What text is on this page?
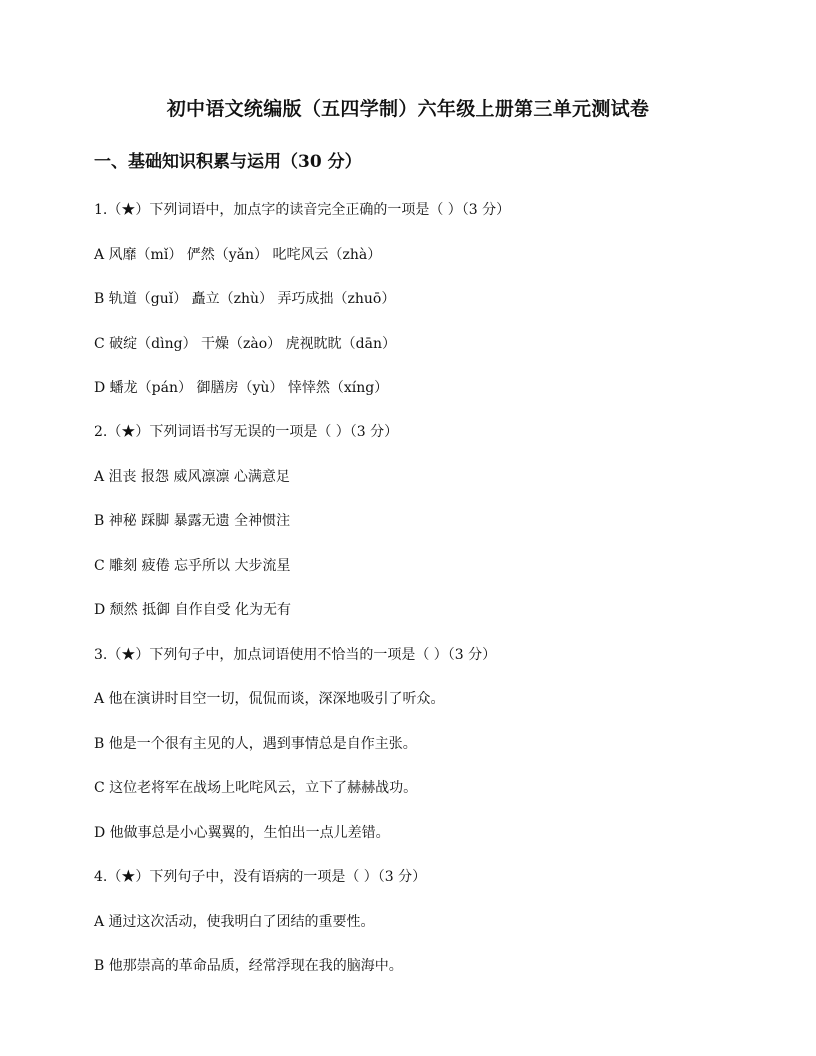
初中语文统编版（五四学制）六年级上册第三单元测试卷
一、基础知识积累与运用（30 分）
1.（★）下列词语中，加点字的读音完全正确的一项是（ ）（3 分）
A 风靡（mǐ） 俨然（yǎn） 叱咤风云（zhà）
B 轨道（guǐ） 矗立（zhù） 弄巧成拙（zhuō）
C 破绽（dìng） 干燥（zào） 虎视眈眈（dān）
D 蟠龙（pán） 御膳房（yù） 悻悻然（xíng）
2.（★）下列词语书写无误的一项是（ ）（3 分）
A 沮丧 报怨 威风凛凛 心满意足
B 神秘 踩脚 暴露无遗 全神惯注
C 雕刻 疲倦 忘乎所以 大步流星
D 颓然 抵御 自作自受 化为无有
3.（★）下列句子中，加点词语使用不恰当的一项是（ ）（3 分）
A 他在演讲时目空一切，侃侃而谈，深深地吸引了听众。
B 他是一个很有主见的人，遇到事情总是自作主张。
C 这位老将军在战场上叱咤风云，立下了赫赫战功。
D 他做事总是小心翼翼的，生怕出一点儿差错。
4.（★）下列句子中，没有语病的一项是（ ）（3 分）
A 通过这次活动，使我明白了团结的重要性。
B 他那崇高的革命品质，经常浮现在我的脑海中。
